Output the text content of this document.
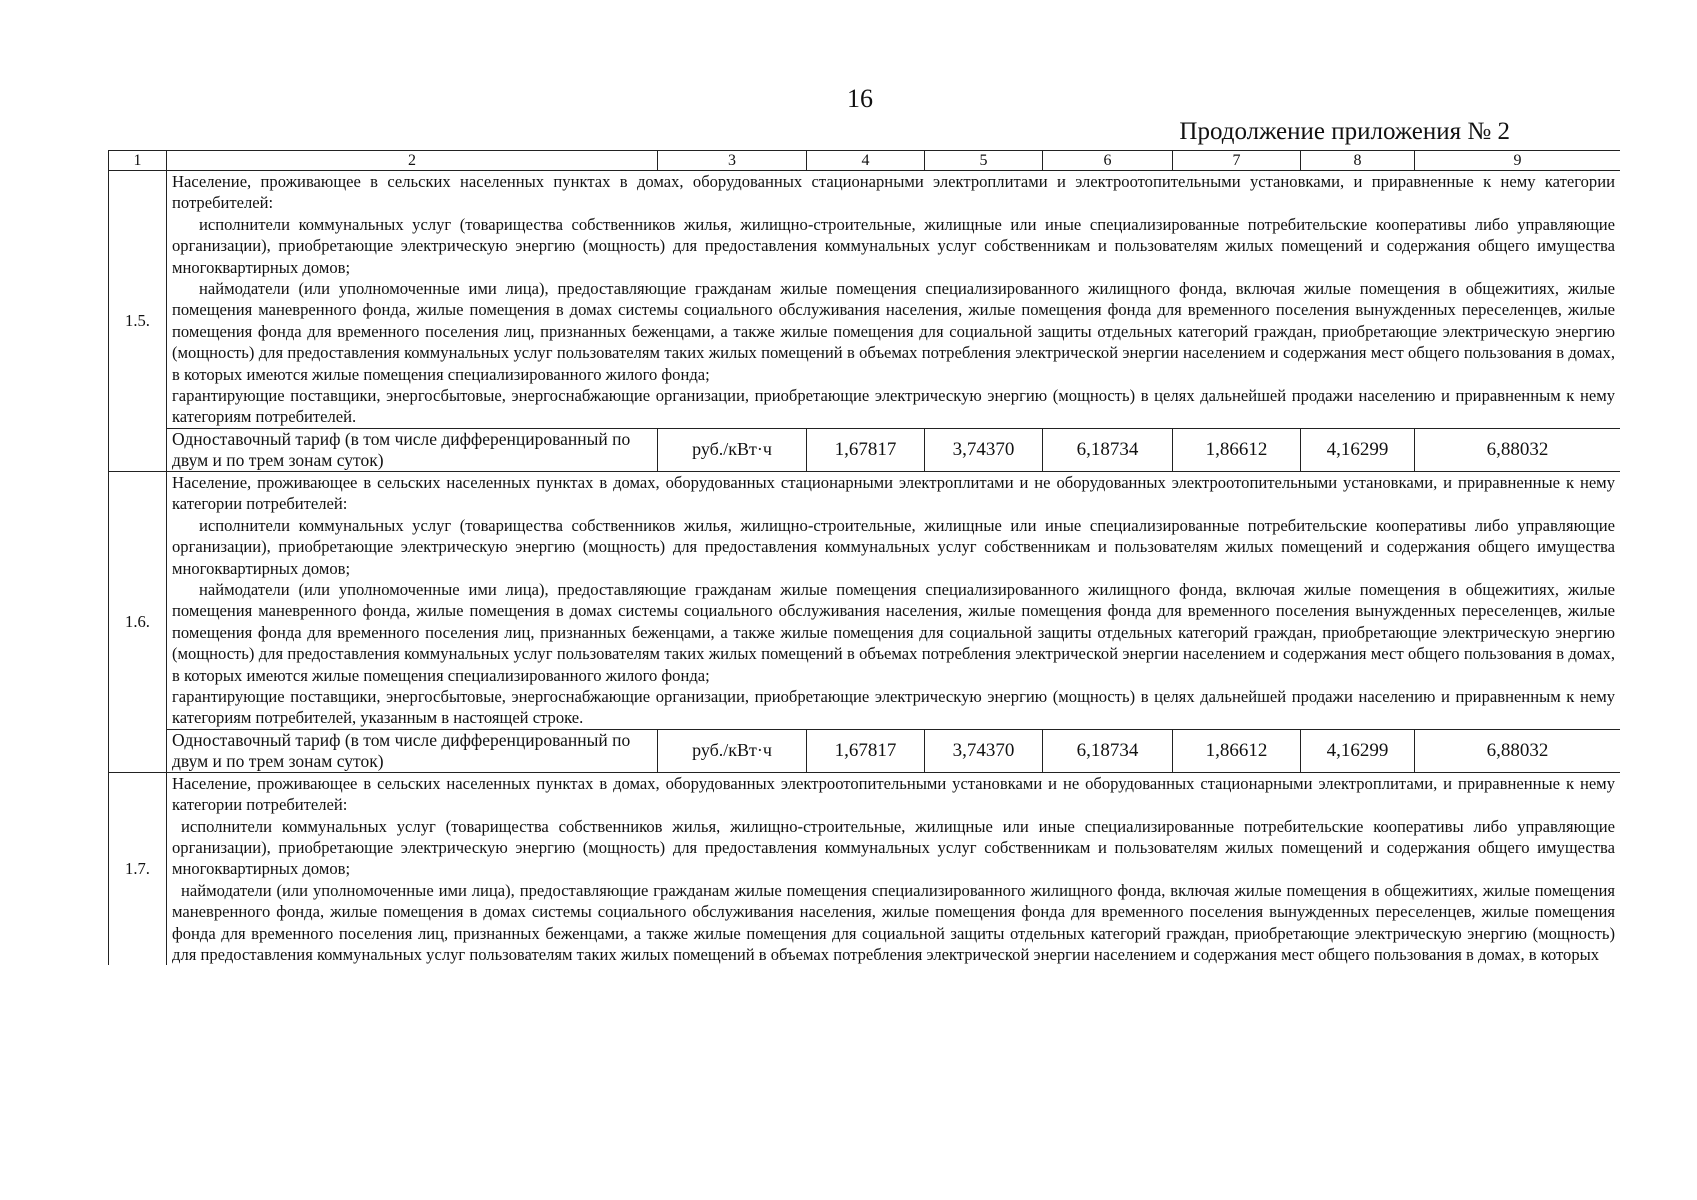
16
Продолжение приложения № 2
1	2	3	4	5	6	7	8	9
1.5.	Население, проживающее в сельских населенных пунктах в домах, оборудованных стационарными электроплитами и электроотопительными установками, и приравненные к нему категории потребителей:

исполнители коммунальных услуг (товарищества собственников жилья, жилищно-строительные, жилищные или иные специализированные потребительские кооперативы либо управляющие организации), приобретающие электрическую энергию (мощность) для предоставления коммунальных услуг собственникам и пользователям жилых помещений и содержания общего имущества многоквартирных домов;

наймодатели (или уполномоченные ими лица), предоставляющие гражданам жилые помещения специализированного жилищного фонда, включая жилые помещения в общежитиях, жилые помещения маневренного фонда, жилые помещения в домах системы социального обслуживания населения, жилые помещения фонда для временного поселения вынужденных переселенцев, жилые помещения фонда для временного поселения лиц, признанных беженцами, а также жилые помещения для социальной защиты отдельных категорий граждан, приобретающие электрическую энергию (мощность) для предоставления коммунальных услуг пользователям таких жилых помещений в объемах потребления электрической энергии населением и содержания мест общего пользования в домах, в которых имеются жилые помещения специализированного жилого фонда;

гарантирующие поставщики, энергосбытовые, энергоснабжающие организации, приобретающие электрическую энергию (мощность) в целях дальнейшей продажи населению и приравненным к нему категориям потребителей.							

	Одноставочный тариф (в том числе дифференцированный по двум и по трем зонам суток)	руб./кВт·ч	1,67817	3,74370	6,18734	1,86612	4,16299	6,88032
1.6.	Население, проживающее в сельских населенных пунктах в домах, оборудованных стационарными электроплитами и не оборудованных электроотопительными установками, и приравненные к нему категории потребителей:

исполнители коммунальных услуг (товарищества собственников жилья, жилищно-строительные, жилищные или иные специализированные потребительские кооперативы либо управляющие организации), приобретающие электрическую энергию (мощность) для предоставления коммунальных услуг собственникам и пользователям жилых помещений и содержания общего имущества многоквартирных домов;

наймодатели (или уполномоченные ими лица), предоставляющие гражданам жилые помещения специализированного жилищного фонда, включая жилые помещения в общежитиях, жилые помещения маневренного фонда, жилые помещения в домах системы социального обслуживания населения, жилые помещения фонда для временного поселения вынужденных переселенцев, жилые помещения фонда для временного поселения лиц, признанных беженцами, а также жилые помещения для социальной защиты отдельных категорий граждан, приобретающие электрическую энергию (мощность) для предоставления коммунальных услуг пользователям таких жилых помещений в объемах потребления электрической энергии населением и содержания мест общего пользования в домах, в которых имеются жилые помещения специализированного жилого фонда;

гарантирующие поставщики, энергосбытовые, энергоснабжающие организации, приобретающие электрическую энергию (мощность) в целях дальнейшей продажи населению и приравненным к нему категориям потребителей, указанным в настоящей строке.							

	Одноставочный тариф (в том числе дифференцированный по двум и по трем зонам суток)	руб./кВт·ч	1,67817	3,74370	6,18734	1,86612	4,16299	6,88032
1.7.	Население, проживающее в сельских населенных пунктах в домах, оборудованных электроотопительными установками и не оборудованных стационарными электроплитами, и приравненные к нему категории потребителей:

исполнители коммунальных услуг (товарищества собственников жилья, жилищно-строительные, жилищные или иные специализированные потребительские кооперативы либо управляющие организации), приобретающие электрическую энергию (мощность) для предоставления коммунальных услуг собственникам и пользователям жилых помещений и содержания общего имущества многоквартирных домов;

наймодатели (или уполномоченные ими лица), предоставляющие гражданам жилые помещения специализированного жилищного фонда, включая жилые помещения в общежитиях, жилые помещения маневренного фонда, жилые помещения в домах системы социального обслуживания населения, жилые помещения фонда для временного поселения вынужденных переселенцев, жилые помещения фонда для временного поселения лиц, признанных беженцами, а также жилые помещения для социальной защиты отдельных категорий граждан, приобретающие электрическую энергию (мощность) для предоставления коммунальных услуг пользователям таких жилых помещений в объемах потребления электрической энергии населением и содержания мест общего пользования в домах, в которых							
